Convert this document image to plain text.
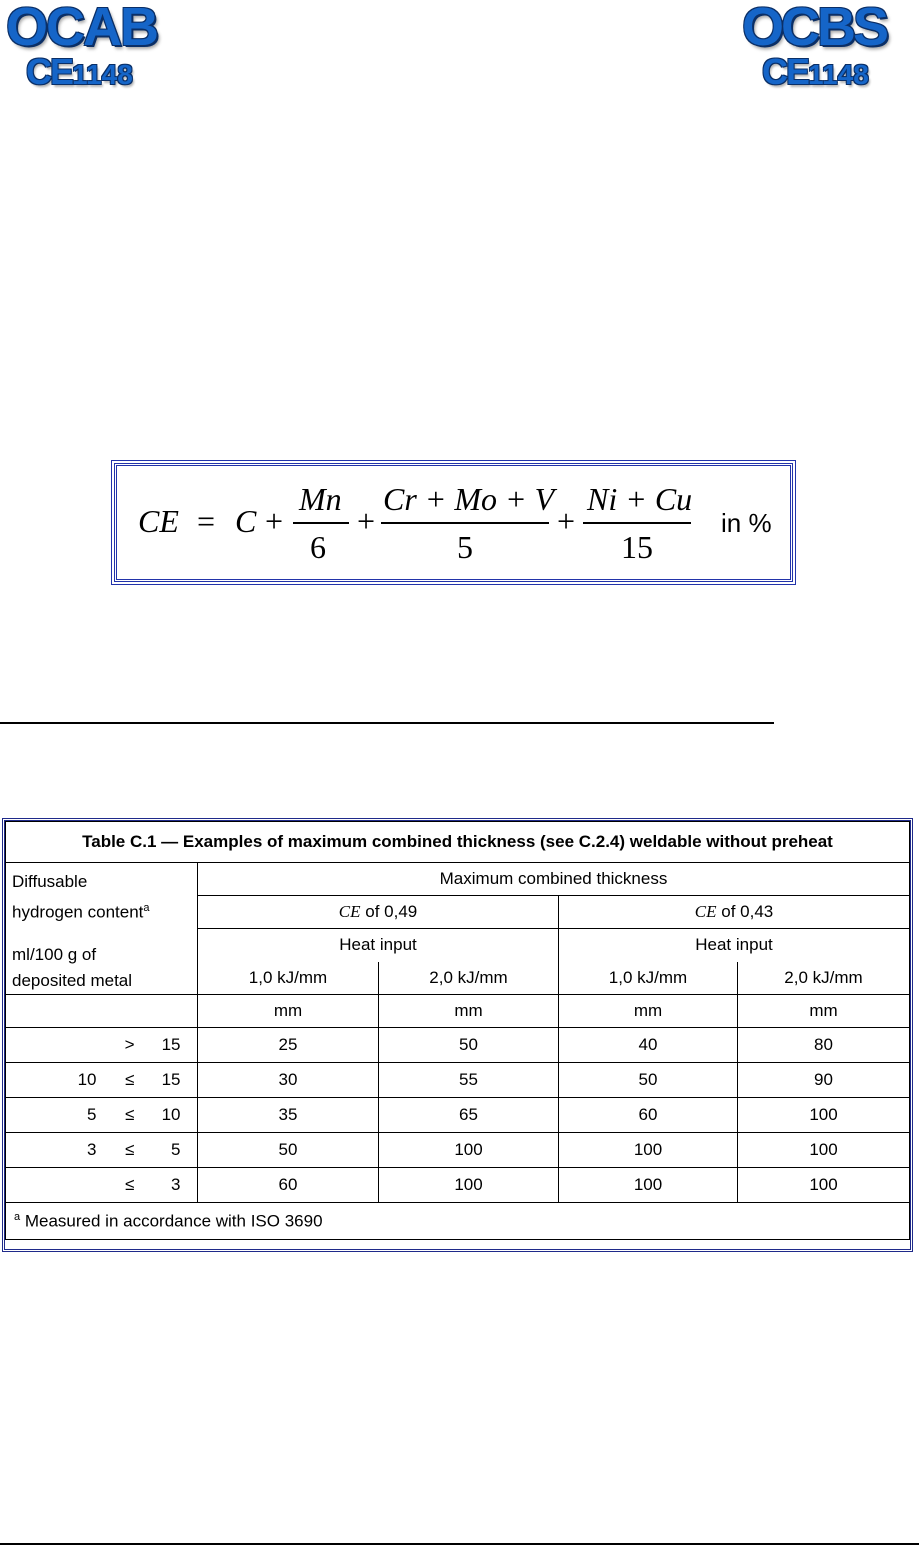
OCAB
CE1148
OCBS
CE1148
CE = C +
Mn
6
+
Cr + Mo + V
5
+
Ni + Cu
15
in %
Table C.1 — Examples of maximum combined thickness (see C.2.4) weldable without preheat				
Diffusable
hydrogen content$^a$

ml/100 g of
deposited metal	Maximum combined thickness			
	CE of 0,49		CE of 0,43	
	Heat input		Heat input	
	1,0 kJ/mm	2,0 kJ/mm	1,0 kJ/mm	2,0 kJ/mm
	mm	mm	mm	mm
> 15	25	50	40	80
10 ≤ 15	30	55	50	90
5 ≤ 10	35	65	60	100
3 ≤ 5	50	100	100	100
≤ 3	60	100	100	100
$^a$ Measured in accordance with ISO 3690				
